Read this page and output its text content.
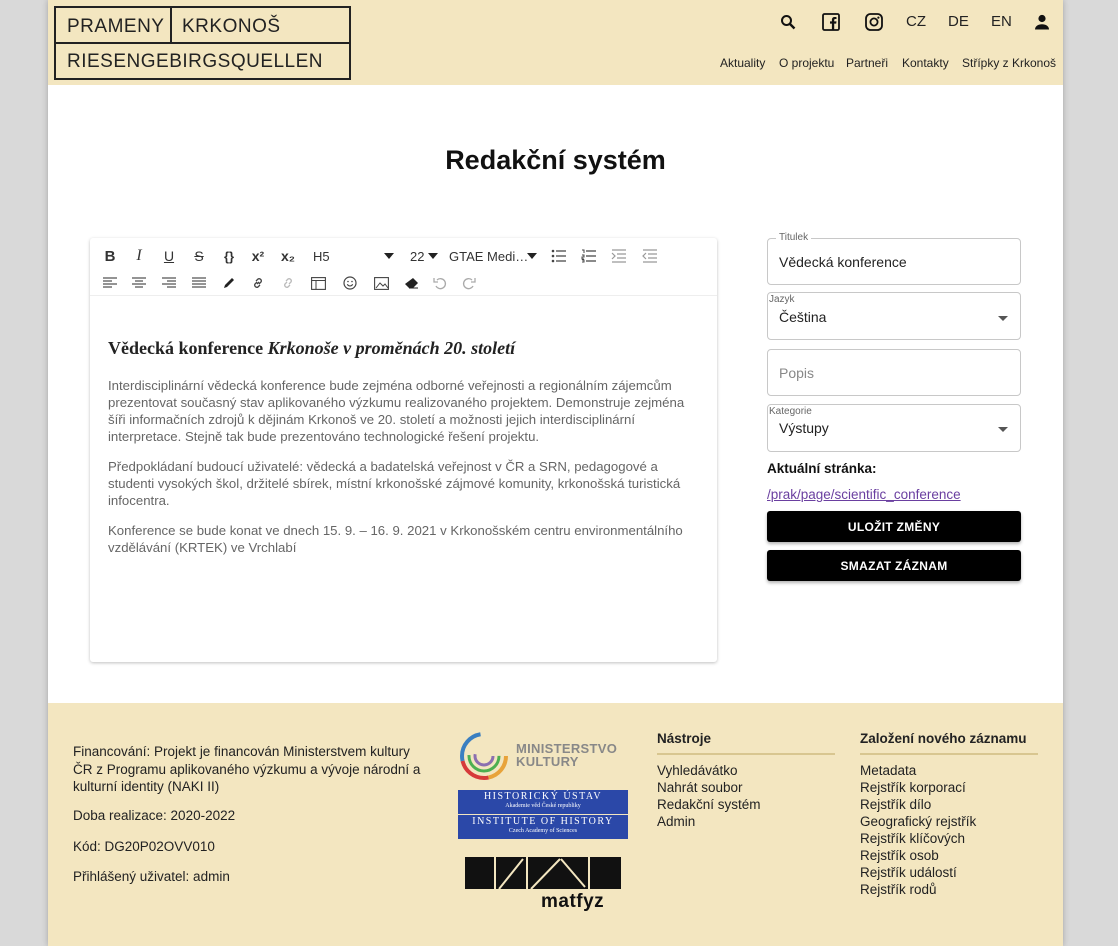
PRAMENY KRKONOŠ
RIESENGEBIRGSQUELLEN
CZ DE EN
Aktuality O projektu Partneři Kontakty Střípky z Krkonoš
Redakční systém
B	I	U	S	{}	x²	x₂	H5	22 GTAE Medi…
Vědecká konference Krkonoše v proměnách 20. století

Interdisciplinární vědecká konference bude zejména odborné veřejnosti a regionálním zájemcům prezentovat současný stav aplikovaného výzkumu realizovaného projektem. Demonstruje zejména šíři informačních zdrojů k dějinám Krkonoš ve 20. století a možnosti jejich interdisciplinární interpretace. Stejně tak bude prezentováno technologické řešení projektu.

Předpokládaní budoucí uživatelé: vědecká a badatelská veřejnost v ČR a SRN, pedagogové a studenti vysokých škol, držitelé sbírek, místní krkonošské zájmové komunity, krkonošská turistická infocentra.

Konference se bude konat ve dnech 15. 9. – 16. 9. 2021 v Krkonošském centru environmentálního vzdělávání (KRTEK) ve Vrchlabí

Titulek
Vědecká konference
Jazyk
Čeština
Popis
Kategorie
Výstupy
Aktuální stránka:
/prak/page/scientific_conference
ULOŽIT ZMĚNY
SMAZAT ZÁZNAM
Financování: Projekt je financován Ministerstvem kultury ČR z Programu aplikovaného výzkumu a vývoje národní a kulturní identity (NAKI II)
Doba realizace: 2020-2022
Kód: DG20P02OVV010
Přihlášený uživatel: admin
MINISTERSTVO
KULTURY
HISTORICKÝ ÚSTAV
Akademie věd České republiky
INSTITUTE OF HISTORY
Czech Academy of Sciences
matfyz
Nástroje
Vyhledávátko
Nahrát soubor
Redakční systém
Admin
Založení nového záznamu
Metadata
Rejstřík korporací
Rejstřík dílo
Geografický rejstřík
Rejstřík klíčových
Rejstřík osob
Rejstřík událostí
Rejstřík rodů
